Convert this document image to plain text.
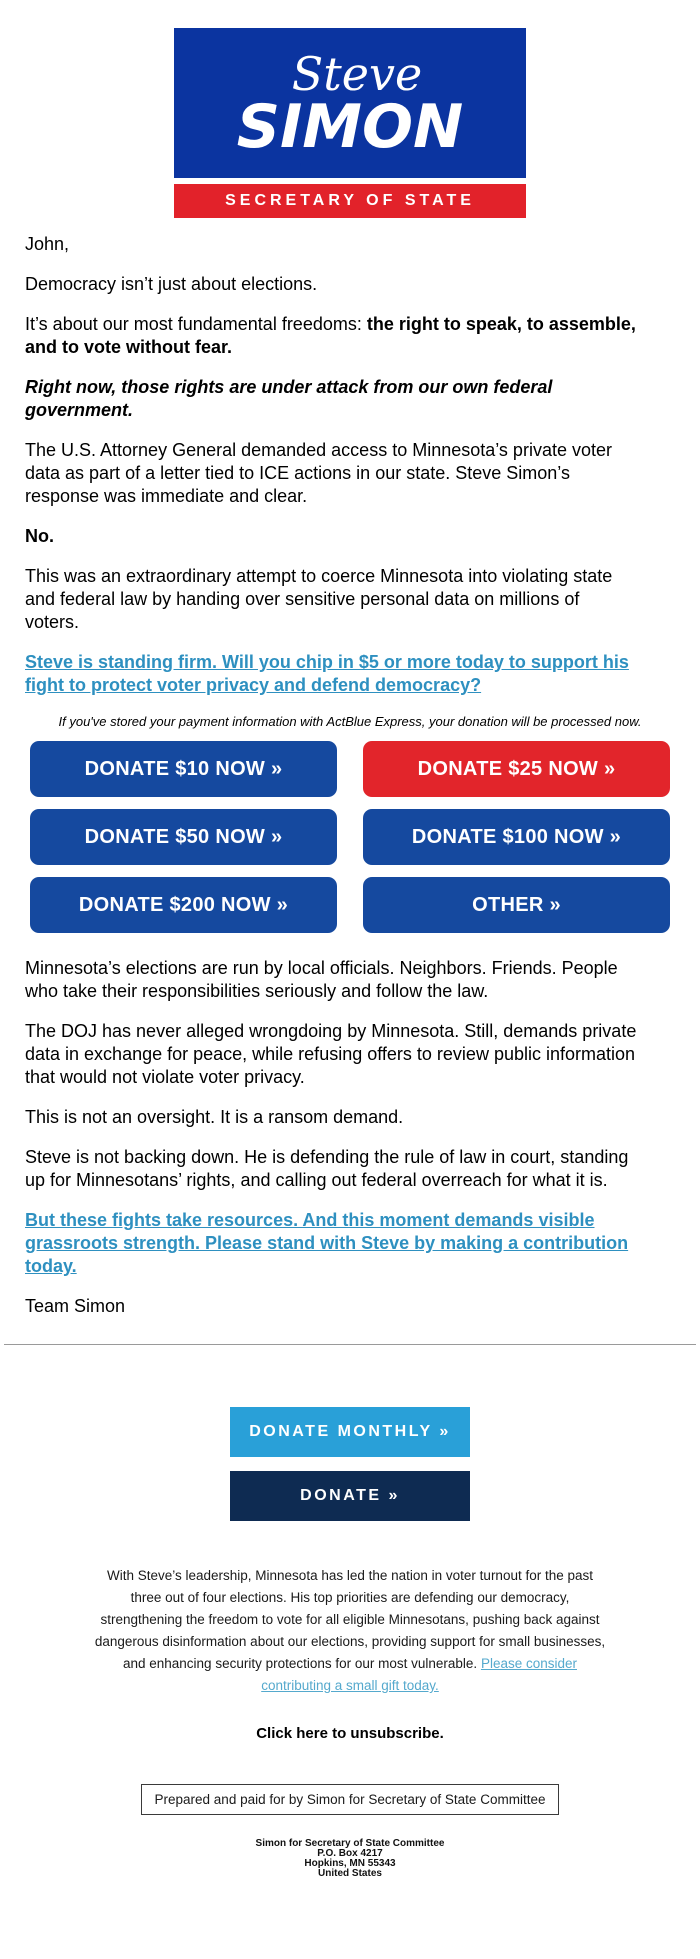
Steve
SIMON
SECRETARY OF STATE

John,

Democracy isn’t just about elections.

It’s about our most fundamental freedoms: the right to speak, to assemble, and to vote without fear.

Right now, those rights are under attack from our own federal government.

The U.S. Attorney General demanded access to Minnesota’s private voter data as part of a letter tied to ICE actions in our state. Steve Simon’s response was immediate and clear.

No.

This was an extraordinary attempt to coerce Minnesota into violating state and federal law by handing over sensitive personal data on millions of voters.

Steve is standing firm. Will you chip in $5 or more today to support his fight to protect voter privacy and defend democracy?

If you've stored your payment information with ActBlue Express, your donation will be processed now.
DONATE $10 NOW »	DONATE $25 NOW »
DONATE $50 NOW »	DONATE $100 NOW »
DONATE $200 NOW »	OTHER »

Minnesota’s elections are run by local officials. Neighbors. Friends. People who take their responsibilities seriously and follow the law.

The DOJ has never alleged wrongdoing by Minnesota. Still, demands private data in exchange for peace, while refusing offers to review public information that would not violate voter privacy.

This is not an oversight. It is a ransom demand.

Steve is not backing down. He is defending the rule of law in court, standing up for Minnesotans’ rights, and calling out federal overreach for what it is.

But these fights take resources. And this moment demands visible grassroots strength. Please stand with Steve by making a contribution today.

Team Simon

DONATE MONTHLY »
DONATE »
With Steve’s leadership, Minnesota has led the nation in voter turnout for the past three out of four elections. His top priorities are defending our democracy, strengthening the freedom to vote for all eligible Minnesotans, pushing back against dangerous disinformation about our elections, providing support for small businesses, and enhancing security protections for our most vulnerable. Please consider contributing a small gift today.
Click here to unsubscribe.
Prepared and paid for by Simon for Secretary of State Committee
Simon for Secretary of State Committee
P.O. Box 4217
Hopkins, MN 55343
United States
